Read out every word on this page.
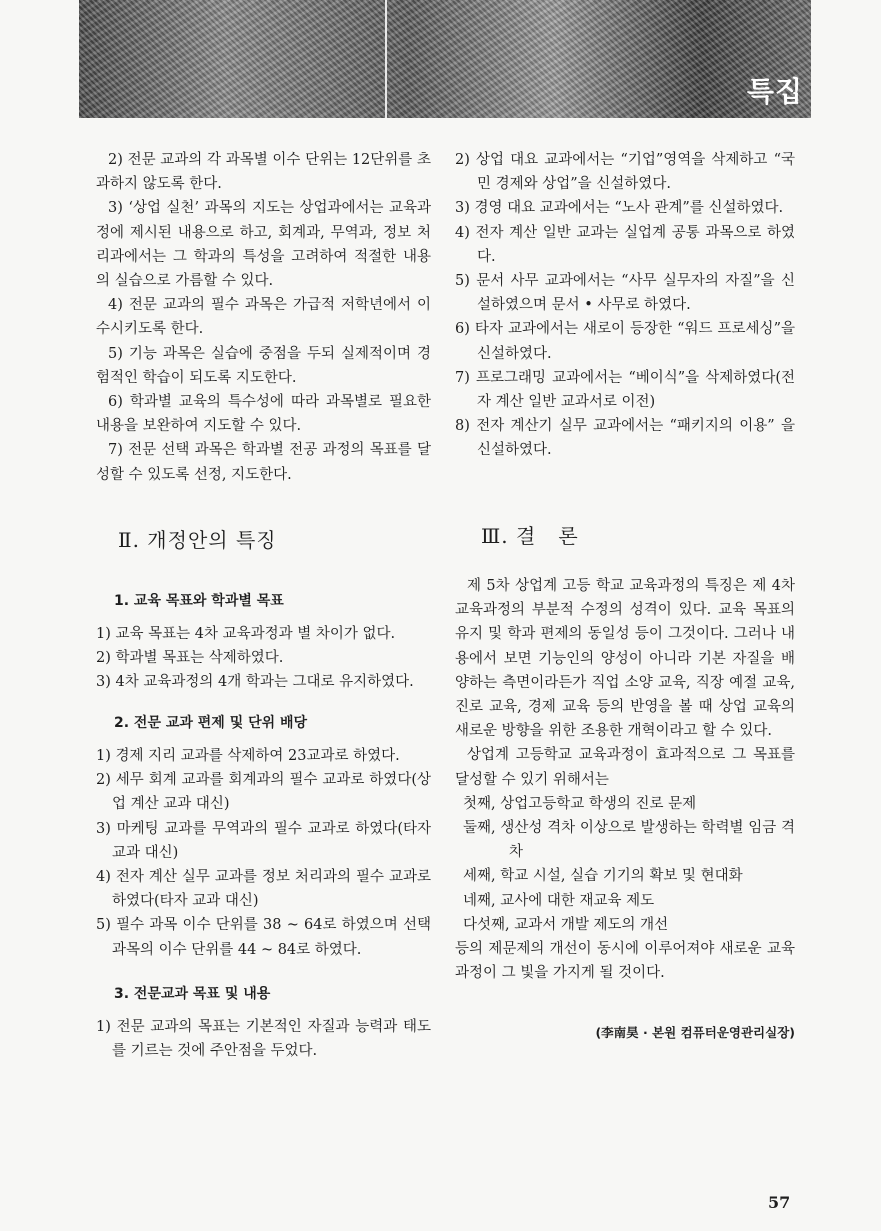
특집

2) 전문 교과의 각 과목별 이수 단위는 12단위를 초과하지 않도록 한다.

3) ‘상업 실천’ 과목의 지도는 상업과에서는 교육과정에 제시된 내용으로 하고, 회계과, 무역과, 정보 처리과에서는 그 학과의 특성을 고려하여 적절한 내용의 실습으로 가름할 수 있다.

4) 전문 교과의 필수 과목은 가급적 저학년에서 이수시키도록 한다.

5) 기능 과목은 실습에 중점을 두되 실제적이며 경험적인 학습이 되도록 지도한다.

6) 학과별 교육의 특수성에 따라 과목별로 필요한 내용을 보완하여 지도할 수 있다.

7) 전문 선택 과목은 학과별 전공 과정의 목표를 달성할 수 있도록 선정, 지도한다.

Ⅱ. 개정안의 특징
1. 교육 목표와 학과별 목표

1) 교육 목표는 4차 교육과정과 별 차이가 없다.

2) 학과별 목표는 삭제하였다.

3) 4차 교육과정의 4개 학과는 그대로 유지하였다.

2. 전문 교과 편제 및 단위 배당

1) 경제 지리 교과를 삭제하여 23교과로 하였다.

2) 세무 회계 교과를 회계과의 필수 교과로 하였다(상업 계산 교과 대신)

3) 마케팅 교과를 무역과의 필수 교과로 하였다(타자 교과 대신)

4) 전자 계산 실무 교과를 정보 처리과의 필수 교과로 하였다(타자 교과 대신)

5) 필수 과목 이수 단위를 38 ~ 64로 하였으며 선택 과목의 이수 단위를 44 ~ 84로 하였다.

3. 전문교과 목표 및 내용

1) 전문 교과의 목표는 기본적인 자질과 능력과 태도를 기르는 것에 주안점을 두었다.

2) 상업 대요 교과에서는 “기업”영역을 삭제하고 “국민 경제와 상업”을 신설하였다.

3) 경영 대요 교과에서는 “노사 관계”를 신설하였다.

4) 전자 계산 일반 교과는 실업계 공통 과목으로 하였다.

5) 문서 사무 교과에서는 “사무 실무자의 자질”을 신설하였으며 문서 • 사무로 하였다.

6) 타자 교과에서는 새로이 등장한 “워드 프로세싱”을 신설하였다.

7) 프로그래밍 교과에서는 “베이식”을 삭제하였다(전자 계산 일반 교과서로 이전)

8) 전자 계산기 실무 교과에서는 “패키지의 이용” 을 신설하였다.

Ⅲ. 결   론

제 5차 상업계 고등 학교 교육과정의 특징은 제 4차 교육과정의 부분적 수정의 성격이 있다. 교육 목표의 유지 및 학과 편제의 동일성 등이 그것이다. 그러나 내용에서 보면 기능인의 양성이 아니라 기본 자질을 배양하는 측면이라든가 직업 소양 교육, 직장 예절 교육, 진로 교육, 경제 교육 등의 반영을 볼 때 상업 교육의 새로운 방향을 위한 조용한 개혁이라고 할 수 있다.

상업계 고등학교 교육과정이 효과적으로 그 목표를 달성할 수 있기 위해서는

첫째, 상업고등학교 학생의 진로 문제

둘째, 생산성 격차 이상으로 발생하는 학력별 임금 격차

세째, 학교 시설, 실습 기기의 확보 및 현대화

네째, 교사에 대한 재교육 제도

다섯째, 교과서 개발 제도의 개선

등의 제문제의 개선이 동시에 이루어져야 새로운 교육과정이 그 빛을 가지게 될 것이다.

(李南昊 · 본원 컴퓨터운영관리실장)
57
